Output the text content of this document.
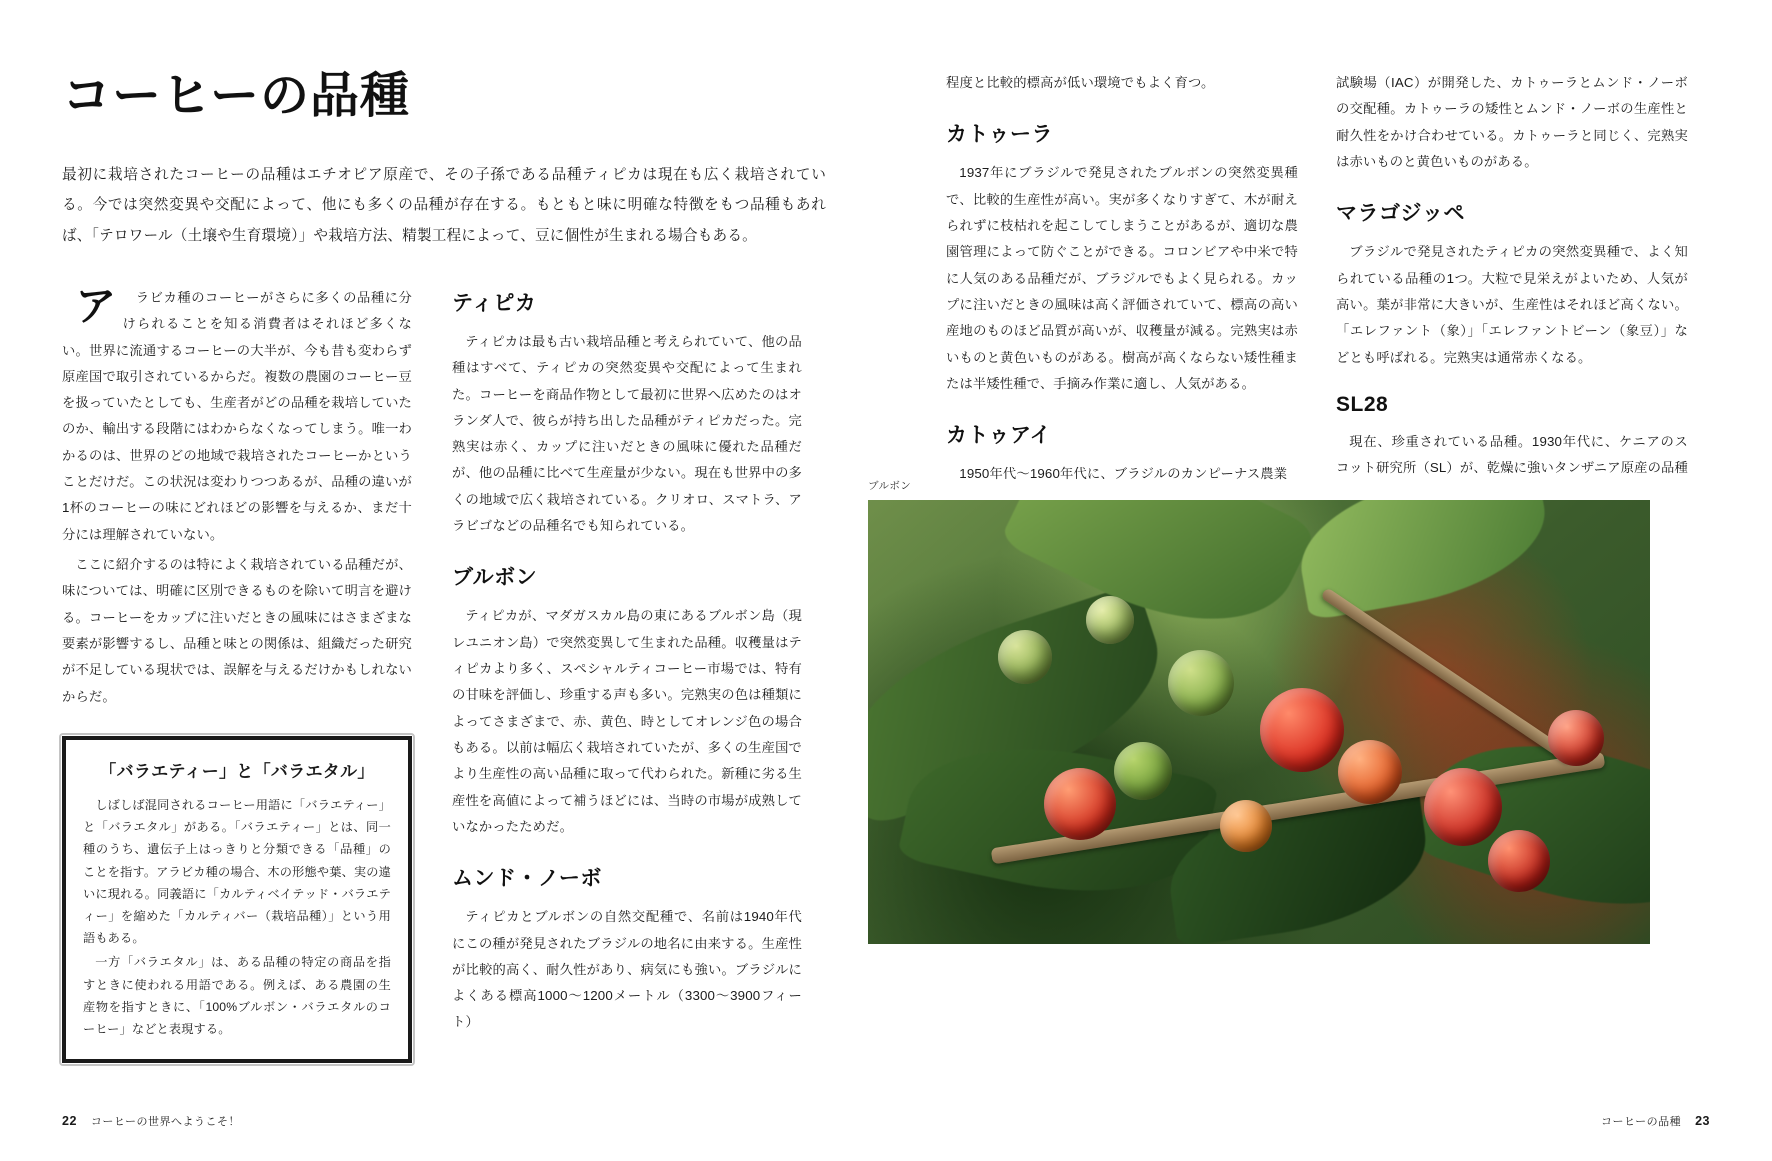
コーヒーの品種

最初に栽培されたコーヒーの品種はエチオピア原産で、その子孫である品種ティピカは現在も広く栽培されている。今では突然変異や交配によって、他にも多くの品種が存在する。もともと味に明確な特徴をもつ品種もあれば、「テロワール（土壌や生育環境）」や栽培方法、精製工程によって、豆に個性が生まれる場合もある。

ア ラビカ種のコーヒーがさらに多くの品種に分けられることを知る消費者はそれほど多くない。世界に流通するコーヒーの大半が、今も昔も変わらず原産国で取引されているからだ。複数の農園のコーヒー豆を扱っていたとしても、生産者がどの品種を栽培していたのか、輸出する段階にはわからなくなってしまう。唯一わかるのは、世界のどの地域で栽培されたコーヒーかということだけだ。この状況は変わりつつあるが、品種の違いが1杯のコーヒーの味にどれほどの影響を与えるか、まだ十分には理解されていない。

ここに紹介するのは特によく栽培されている品種だが、味については、明確に区別できるものを除いて明言を避ける。コーヒーをカップに注いだときの風味にはさまざまな要素が影響するし、品種と味との関係は、組織だった研究が不足している現状では、誤解を与えるだけかもしれないからだ。

「バラエティー」と「バラエタル」

しばしば混同されるコーヒー用語に「バラエティー」と「バラエタル」がある。「バラエティー」とは、同一種のうち、遺伝子上はっきりと分類できる「品種」のことを指す。アラビカ種の場合、木の形態や葉、実の違いに現れる。同義語に「カルティベイテッド・バラエティー」を縮めた「カルティバー（栽培品種）」という用語もある。

一方「バラエタル」は、ある品種の特定の商品を指すときに使われる用語である。例えば、ある農園の生産物を指すときに、「100%ブルボン・バラエタルのコーヒー」などと表現する。

ティピカ

ティピカは最も古い栽培品種と考えられていて、他の品種はすべて、ティピカの突然変異や交配によって生まれた。コーヒーを商品作物として最初に世界へ広めたのはオランダ人で、彼らが持ち出した品種がティピカだった。完熟実は赤く、カップに注いだときの風味に優れた品種だが、他の品種に比べて生産量が少ない。現在も世界中の多くの地域で広く栽培されている。クリオロ、スマトラ、アラビゴなどの品種名でも知られている。

ブルボン

ティピカが、マダガスカル島の東にあるブルボン島（現レユニオン島）で突然変異して生まれた品種。収穫量はティピカより多く、スペシャルティコーヒー市場では、特有の甘味を評価し、珍重する声も多い。完熟実の色は種類によってさまざまで、赤、黄色、時としてオレンジ色の場合もある。以前は幅広く栽培されていたが、多くの生産国でより生産性の高い品種に取って代わられた。新種に劣る生産性を高値によって補うほどには、当時の市場が成熟していなかったためだ。

ムンド・ノーボ

ティピカとブルボンの自然交配種で、名前は1940年代にこの種が発見されたブラジルの地名に由来する。生産性が比較的高く、耐久性があり、病気にも強い。ブラジルによくある標高1000〜1200メートル（3300〜3900フィート）

22 コーヒーの世界へようこそ！

程度と比較的標高が低い環境でもよく育つ。

カトゥーラ

1937年にブラジルで発見されたブルボンの突然変異種で、比較的生産性が高い。実が多くなりすぎて、木が耐えられずに枝枯れを起こしてしまうことがあるが、適切な農園管理によって防ぐことができる。コロンビアや中米で特に人気のある品種だが、ブラジルでもよく見られる。カップに注いだときの風味は高く評価されていて、標高の高い産地のものほど品質が高いが、収穫量が減る。完熟実は赤いものと黄色いものがある。樹高が高くならない矮性種または半矮性種で、手摘み作業に適し、人気がある。

カトゥアイ

1950年代〜1960年代に、ブラジルのカンピーナス農業

試験場（IAC）が開発した、カトゥーラとムンド・ノーボの交配種。カトゥーラの矮性とムンド・ノーボの生産性と耐久性をかけ合わせている。カトゥーラと同じく、完熟実は赤いものと黄色いものがある。

マラゴジッペ

ブラジルで発見されたティピカの突然変異種で、よく知られている品種の1つ。大粒で見栄えがよいため、人気が高い。葉が非常に大きいが、生産性はそれほど高くない。「エレファント（象）」「エレファントビーン（象豆）」などとも呼ばれる。完熟実は通常赤くなる。

SL28

現在、珍重されている品種。1930年代に、ケニアのスコット研究所（SL）が、乾燥に強いタンザニア原産の品種

コーヒーの品種 23
ブルボン
